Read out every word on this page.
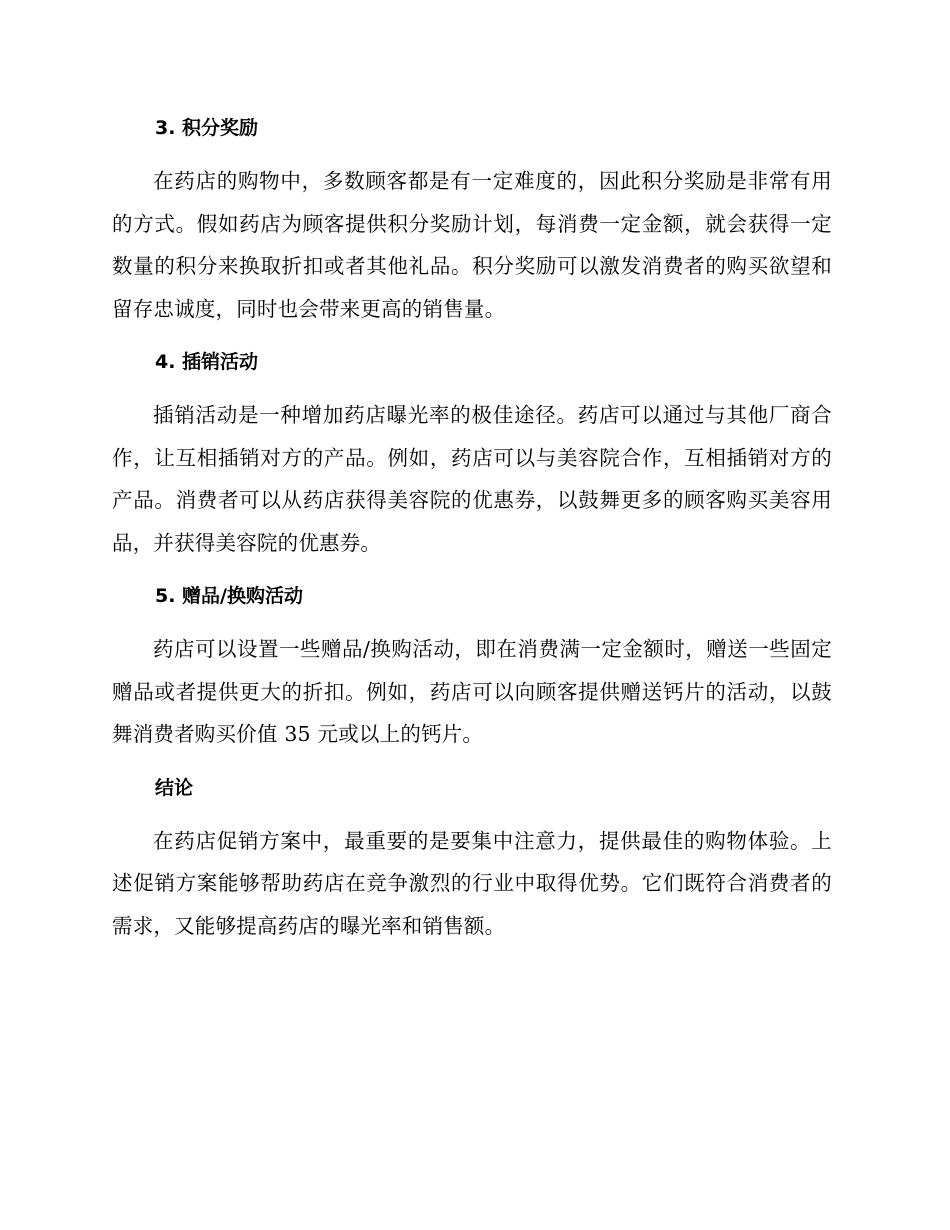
3. 积分奖励

在药店的购物中，多数顾客都是有一定难度的，因此积分奖励是非常有用的方式。假如药店为顾客提供积分奖励计划，每消费一定金额，就会获得一定数量的积分来换取折扣或者其他礼品。积分奖励可以激发消费者的购买欲望和留存忠诚度，同时也会带来更高的销售量。

4. 插销活动

插销活动是一种增加药店曝光率的极佳途径。药店可以通过与其他厂商合作，让互相插销对方的产品。例如，药店可以与美容院合作，互相插销对方的产品。消费者可以从药店获得美容院的优惠券，以鼓舞更多的顾客购买美容用品，并获得美容院的优惠券。

5. 赠品/换购活动

药店可以设置一些赠品/换购活动，即在消费满一定金额时，赠送一些固定赠品或者提供更大的折扣。例如，药店可以向顾客提供赠送钙片的活动，以鼓舞消费者购买价值 35 元或以上的钙片。

结论

在药店促销方案中，最重要的是要集中注意力，提供最佳的购物体验。上述促销方案能够帮助药店在竞争激烈的行业中取得优势。它们既符合消费者的需求，又能够提高药店的曝光率和销售额。
